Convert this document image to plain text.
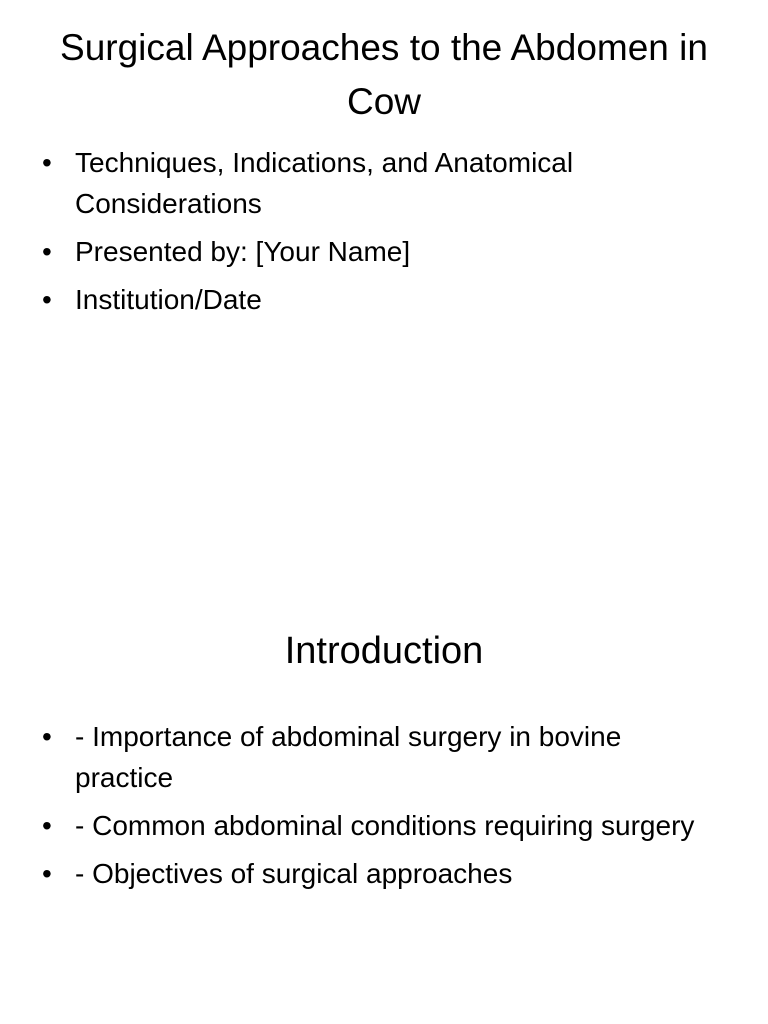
Surgical Approaches to the Abdomen in Cow
• Techniques, Indications, and Anatomical Considerations
• Presented by: [Your Name]
• Institution/Date
Introduction
• - Importance of abdominal surgery in bovine practice
• - Common abdominal conditions requiring surgery
• - Objectives of surgical approaches
